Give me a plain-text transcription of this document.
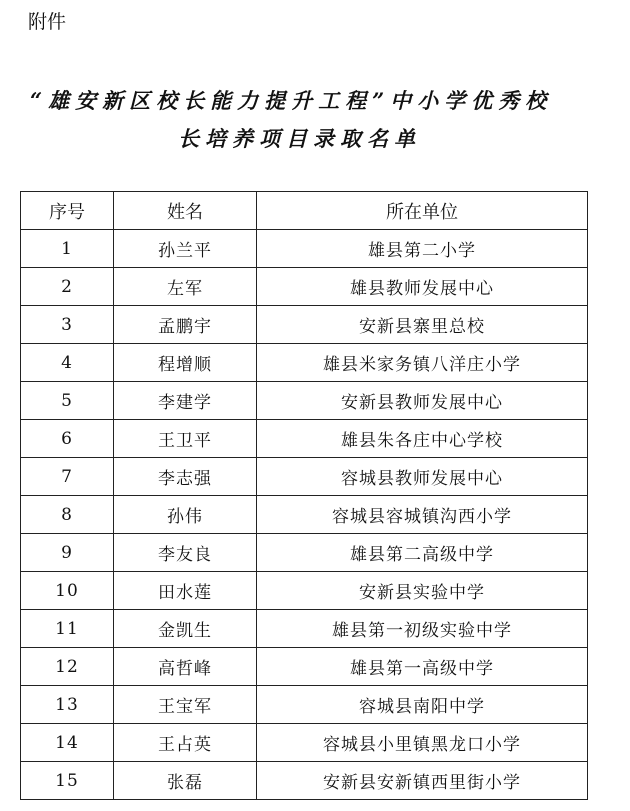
附件
“雄安新区校长能力提升工程”中小学优秀校
长培养项目录取名单
序号	姓名	所在单位
1	孙兰平	雄县第二小学
2	左军	雄县教师发展中心
3	孟鹏宇	安新县寨里总校
4	程增顺	雄县米家务镇八洋庄小学
5	李建学	安新县教师发展中心
6	王卫平	雄县朱各庄中心学校
7	李志强	容城县教师发展中心
8	孙伟	容城县容城镇沟西小学
9	李友良	雄县第二高级中学
10	田水莲	安新县实验中学
11	金凯生	雄县第一初级实验中学
12	高哲峰	雄县第一高级中学
13	王宝军	容城县南阳中学
14	王占英	容城县小里镇黑龙口小学
15	张磊	安新县安新镇西里街小学
